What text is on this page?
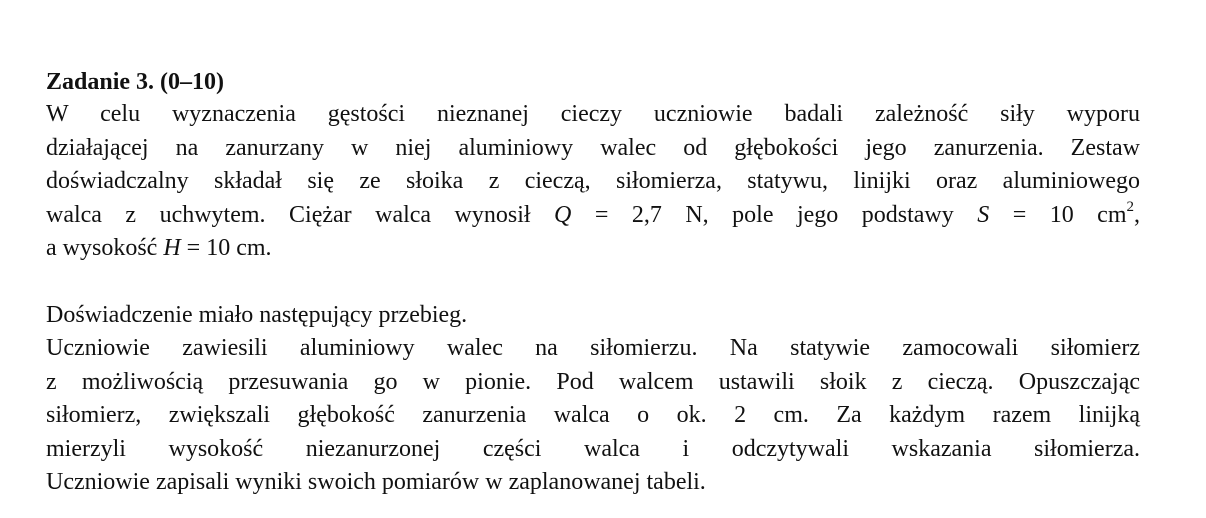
Zadanie 3. (0–10)

W celu wyznaczenia gęstości nieznanej cieczy uczniowie badali zależność siły wyporu
działającej na zanurzany w niej aluminiowy walec od głębokości jego zanurzenia. Zestaw
doświadczalny składał się ze słoika z cieczą, siłomierza, statywu, linijki oraz aluminiowego
walca z uchwytem. Ciężar walca wynosił Q = 2,7 N, pole jego podstawy S = 10 $cm^2$,
a wysokość H = 10 cm.
Doświadczenie miało następujący przebieg.
Uczniowie zawiesili aluminiowy walec na siłomierzu. Na statywie zamocowali siłomierz
z możliwością przesuwania go w pionie. Pod walcem ustawili słoik z cieczą. Opuszczając
siłomierz, zwiększali głębokość zanurzenia walca o ok. 2 cm. Za każdym razem linijką
mierzyli wysokość niezanurzonej części walca i odczytywali wskazania siłomierza.
Uczniowie zapisali wyniki swoich pomiarów w zaplanowanej tabeli.
